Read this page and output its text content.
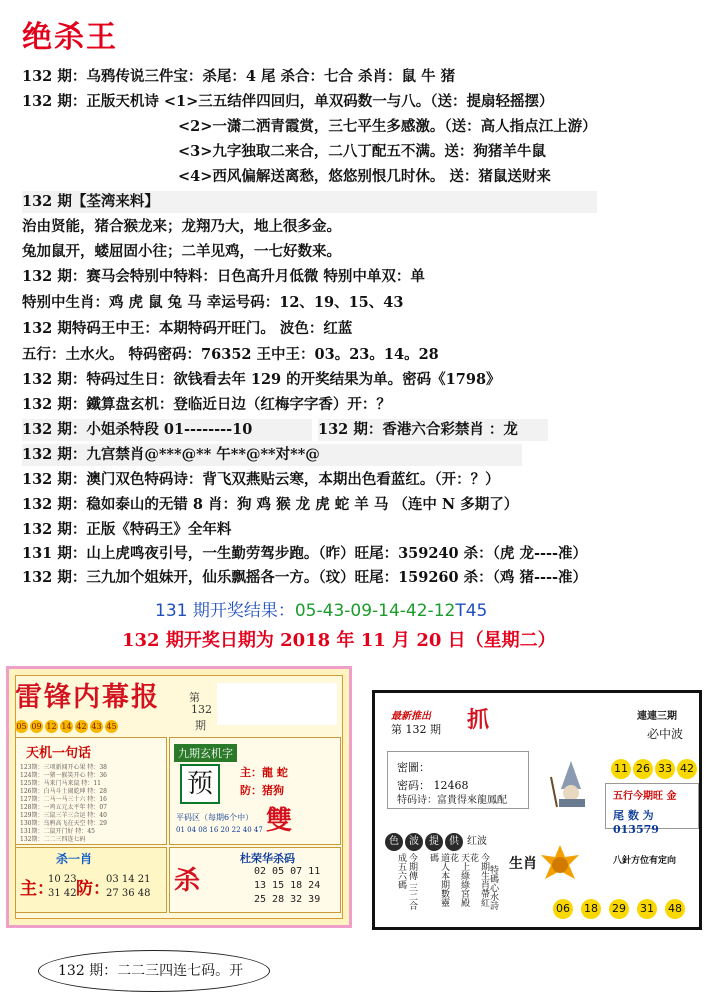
绝杀王
132 期：乌鸦传说三件宝：杀尾：4 尾 杀合：七合 杀肖：鼠 牛 猪
132 期：正版天机诗 <1>三五结伴四回归，单双码数一与八。（送：提扇轻摇摆）
<2>一潇二洒青霞赏，三七平生多感激。（送：高人指点江上游）
<3>九字独取二来合，二八丁配五不满。送：狗猪羊牛鼠
<4>西风偏解送离愁，悠悠别恨几时休。 送：猪鼠送财来
132 期【荃湾来料】
治由贤能，猪合猴龙来；龙翔乃大，地上很多金。
兔加鼠开，蝼屈固小往；二羊见鸡，一七好数来。
132 期：赛马会特别中特料：日色高升月低微 特别中单双：单
特别中生肖：鸡 虎 鼠 兔 马 幸运号码：12、19、15、43
132 期特码王中王：本期特码开旺门。 波色：红蓝
五行：土水火。 特码密码：76352 王中王：03。23。14。28
132 期：特码过生日：欲钱看去年 129 的开奖结果为单。密码《1798》
132 期：鐵算盘玄机：登临近日边（红梅字字香）开：？
132 期：小姐杀特段 01--------10	132 期：香港六合彩禁肖 ：龙
132 期：九宫禁肖@***@** 午**@**对**@
132 期：澳门双色特码诗：背飞双燕贴云寒，本期出色看蓝红。（开：？）
132 期：稳如泰山的无错 8 肖：狗 鸡 猴 龙 虎 蛇 羊 马 （连中 N 多期了）
132 期：正版《特码王》全年料
131 期：山上虎鸣夜引号，一生勤劳驾步跑。（昨）旺尾：359240 杀：（虎 龙----准）
132 期：三九加个姐妹开，仙乐飘摇各一方。（玟）旺尾：159260 杀：（鸡 猪----准）
131 期开奖结果：05-43-09-14-42-12T45
132 期开奖日期为 2018 年 11 月 20 日（星期二）
雷锋内幕报	第
132
期
05 09 12 14 42 43 45
天机一句话
123期：三项新闻开心果 特：38
124期：一猪一猴笑开心 特：36
125期：马来门马来鼠 特：11
126期：白马斗士闹乾坤 特：28
127期：二马一马三十六 特：16
128期：一鸡五元太平年 特：07
129期：三鼠三羊三合运 特：40
130期：乌鸦高飞在天空 特：29
131期：二鼠开门好 特：45
132期：二二三四连七码
九期玄机字
预	主：龍 蛇
防：猪狗
雙
平码区（每期6个中）
01 04 08 16 20 22 40 47
杀一肖
主： 防：
10 23
31 42
03 14 21
27 36 48
杜荣华杀码
杀	02 05 07 11
13 15 18 24
25 28 32 39
最新推出
第 132 期 抓	連連三期
必中波
密圖：
密码： 12468
特码诗：富貴得來龍鳳配
11 26 33 42
五行今期旺 金
尾 数 为 013579
色 波 提 供 红波
今期傳 三二合成五六碼	道人本期數靈碼	天上綠綠宮殿花	今期生肖帶紅花
特碼心水詩
生肖	八針方位有定向
06 18 29 31 48
132 期：二二三四连七码。开
